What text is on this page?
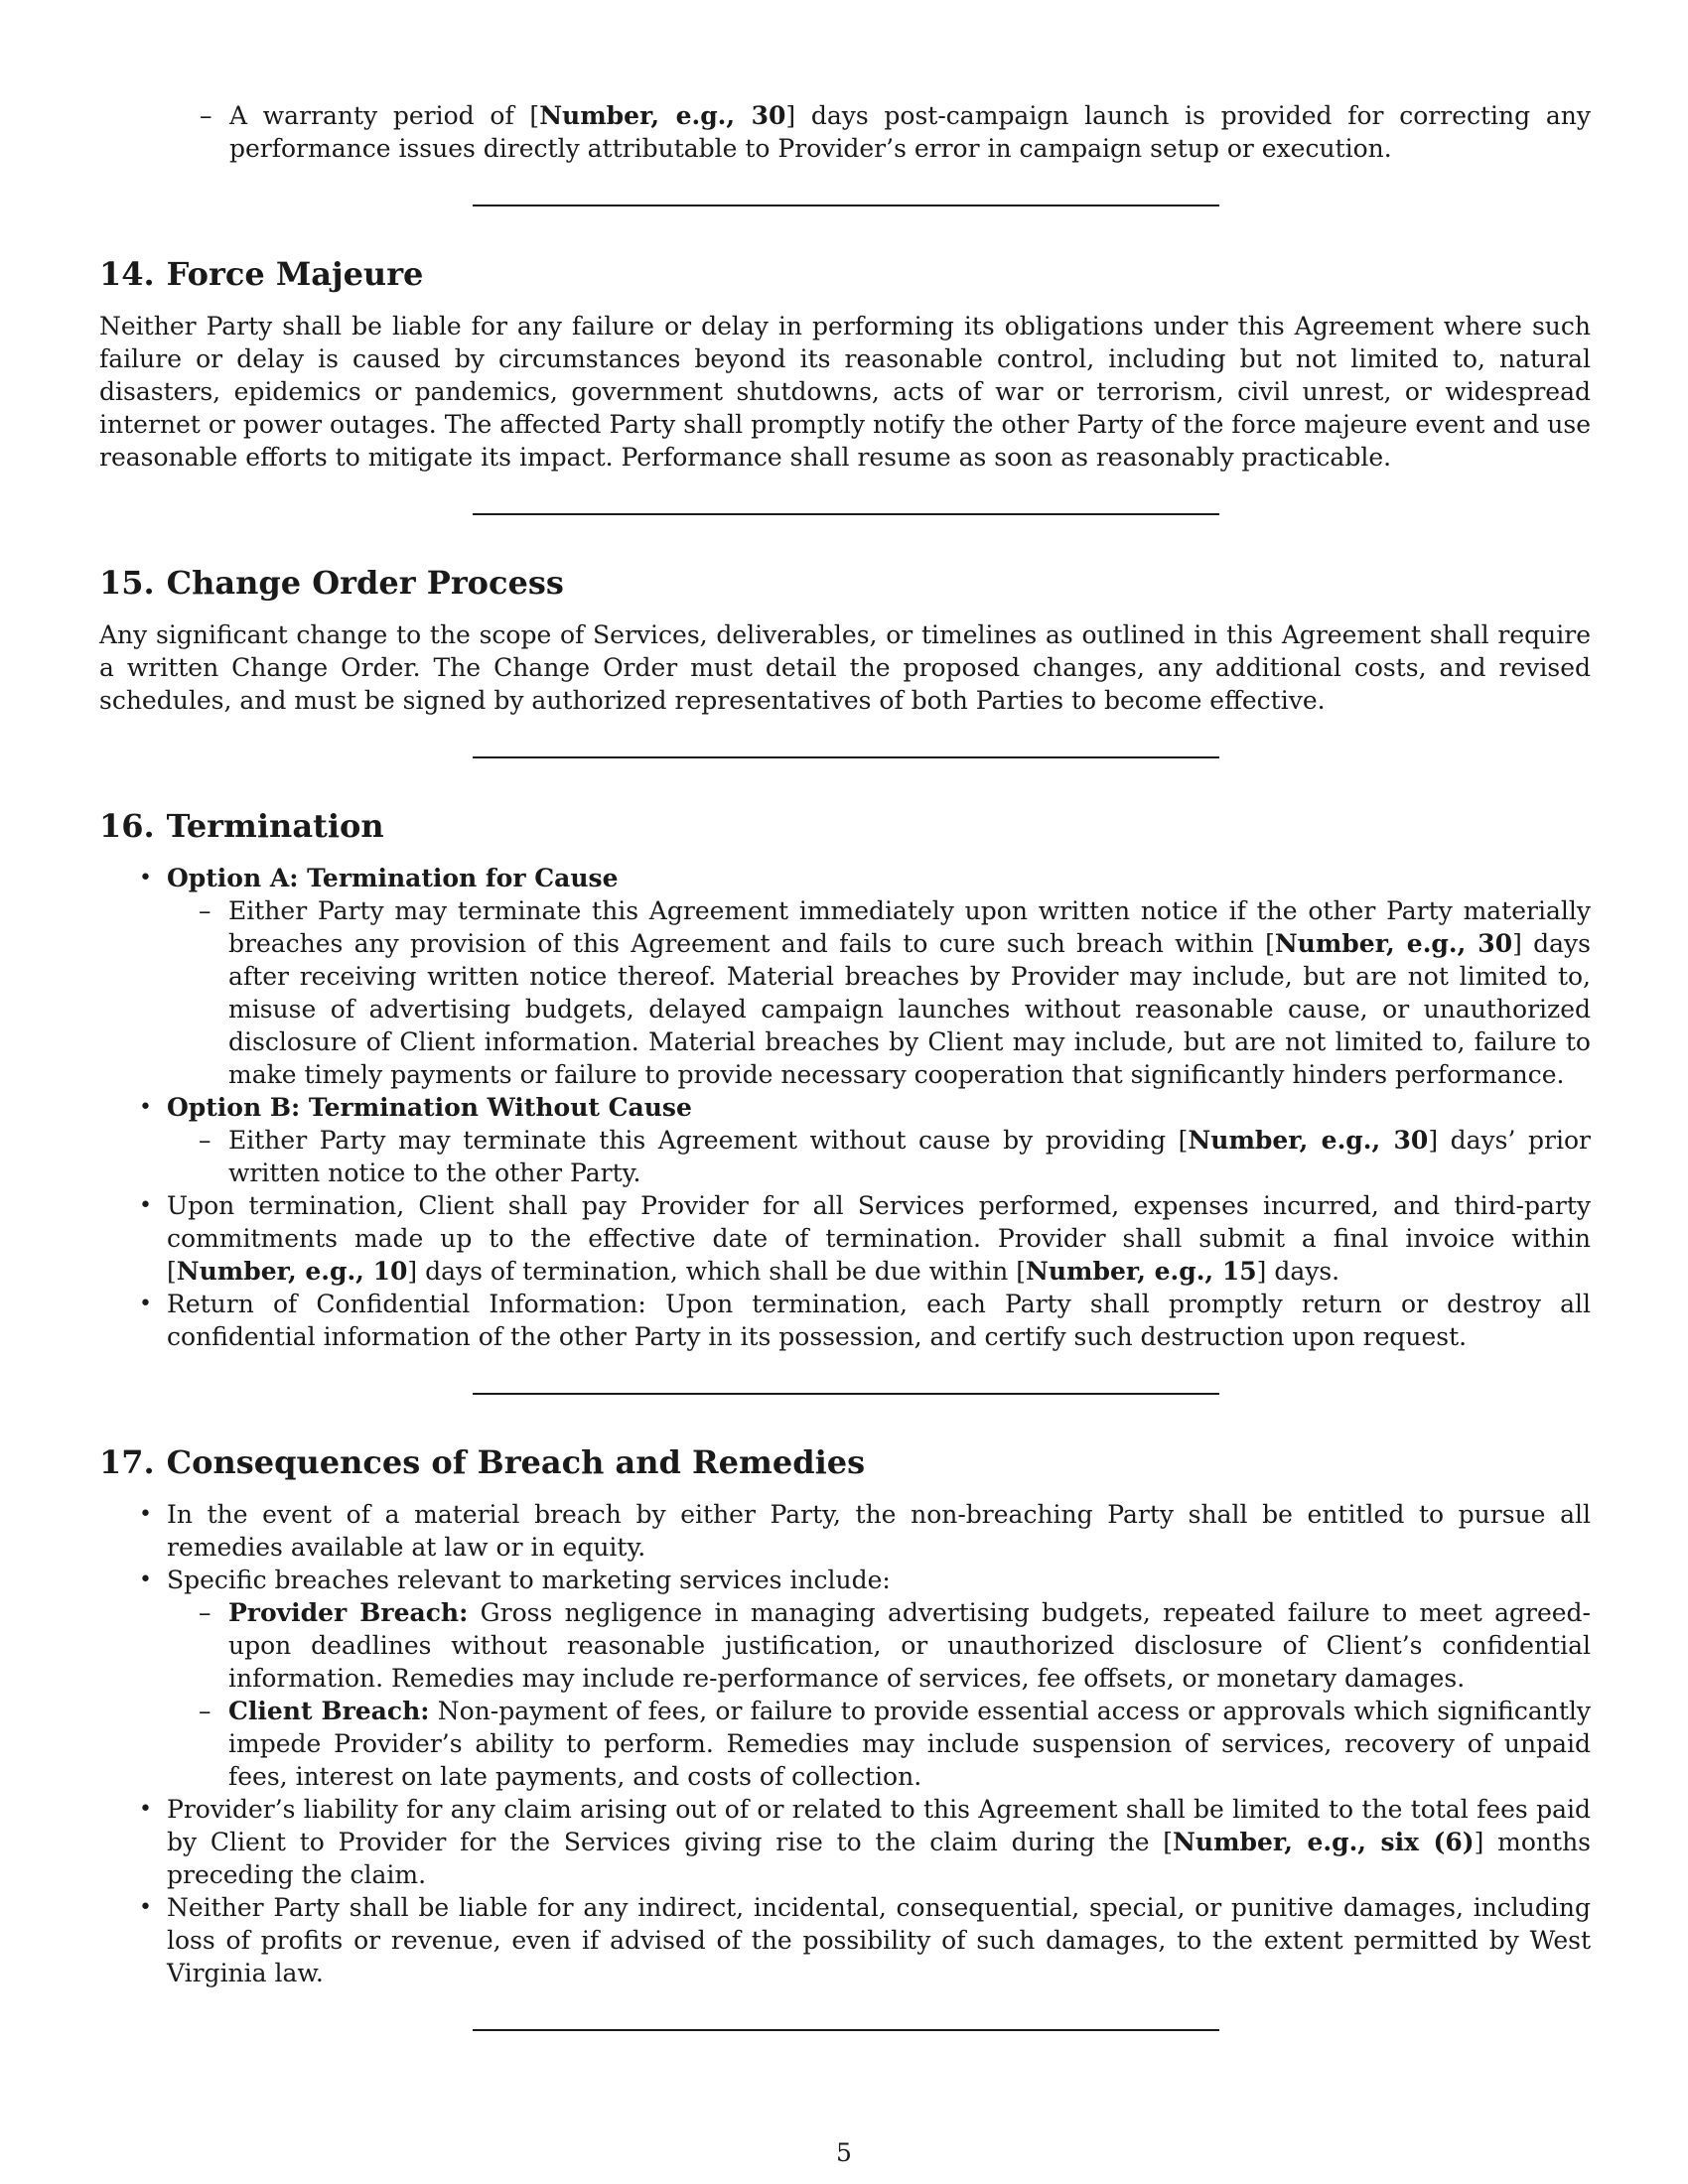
– A warranty period of [Number, e.g., 30] days post-campaign launch is provided for correcting any performance issues directly attributable to Provider’s error in campaign setup or execution.
14. Force Majeure

Neither Party shall be liable for any failure or delay in performing its obligations under this Agreement where such failure or delay is caused by circumstances beyond its reasonable control, including but not limited to, natural disasters, epidemics or pandemics, government shutdowns, acts of war or terrorism, civil unrest, or widespread internet or power outages. The affected Party shall promptly notify the other Party of the force majeure event and use reasonable efforts to mitigate its impact. Performance shall resume as soon as reasonably practicable.

15. Change Order Process

Any significant change to the scope of Services, deliverables, or timelines as outlined in this Agreement shall require a written Change Order. The Change Order must detail the proposed changes, any additional costs, and revised schedules, and must be signed by authorized representatives of both Parties to become effective.

16. Termination
• Option A: Termination for Cause
– Either Party may terminate this Agreement immediately upon written notice if the other Party materially breaches any provision of this Agreement and fails to cure such breach within [Number, e.g., 30] days after receiving written notice thereof. Material breaches by Provider may include, but are not limited to, misuse of advertising budgets, delayed campaign launches without reasonable cause, or unauthorized disclosure of Client information. Material breaches by Client may include, but are not limited to, failure to make timely payments or failure to provide necessary cooperation that significantly hinders performance.
• Option B: Termination Without Cause
– Either Party may terminate this Agreement without cause by providing [Number, e.g., 30] days’ prior written notice to the other Party.
• Upon termination, Client shall pay Provider for all Services performed, expenses incurred, and third-party commitments made up to the effective date of termination. Provider shall submit a final invoice within [Number, e.g., 10] days of termination, which shall be due within [Number, e.g., 15] days.
• Return of Confidential Information: Upon termination, each Party shall promptly return or destroy all confidential information of the other Party in its possession, and certify such destruction upon request.
17. Consequences of Breach and Remedies
• In the event of a material breach by either Party, the non-breaching Party shall be entitled to pursue all remedies available at law or in equity.
• Specific breaches relevant to marketing services include:
– Provider Breach: Gross negligence in managing advertising budgets, repeated failure to meet agreed-upon deadlines without reasonable justification, or unauthorized disclosure of Client’s confidential information. Remedies may include re-performance of services, fee offsets, or monetary damages.
– Client Breach: Non-payment of fees, or failure to provide essential access or approvals which significantly impede Provider’s ability to perform. Remedies may include suspension of services, recovery of unpaid fees, interest on late payments, and costs of collection.
• Provider’s liability for any claim arising out of or related to this Agreement shall be limited to the total fees paid by Client to Provider for the Services giving rise to the claim during the [Number, e.g., six (6)] months preceding the claim.
• Neither Party shall be liable for any indirect, incidental, consequential, special, or punitive damages, including loss of profits or revenue, even if advised of the possibility of such damages, to the extent permitted by West Virginia law.
5
